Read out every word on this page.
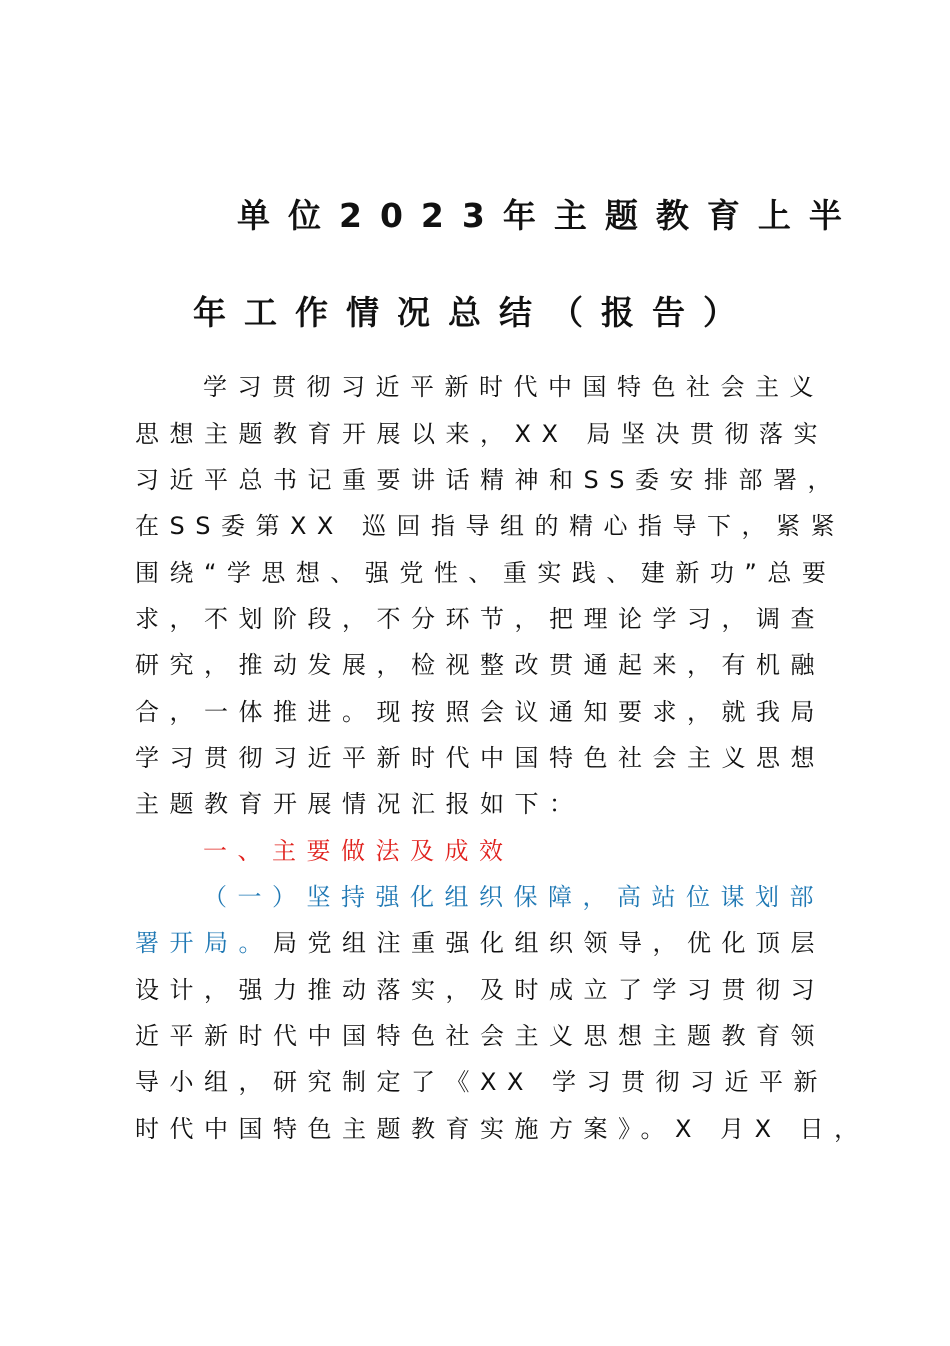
单位2023年主题教育上半
年工作情况总结（报告）
学习贯彻习近平新时代中国特色社会主义
思想主题教育开展以来，XX 局坚决贯彻落实
习近平总书记重要讲话精神和SS委安排部署，
在SS委第XX 巡回指导组的精心指导下，紧紧
围绕“学思想、强党性、重实践、建新功”总要
求，不划阶段，不分环节，把理论学习，调查
研究，推动发展，检视整改贯通起来，有机融
合，一体推进。现按照会议通知要求，就我局
学习贯彻习近平新时代中国特色社会主义思想
主题教育开展情况汇报如下：
一、主要做法及成效
（一）坚持强化组织保障，高站位谋划部
署开局。局党组注重强化组织领导，优化顶层
设计，强力推动落实，及时成立了学习贯彻习
近平新时代中国特色社会主义思想主题教育领
导小组，研究制定了《XX 学习贯彻习近平新
时代中国特色主题教育实施方案》。X 月X 日，
